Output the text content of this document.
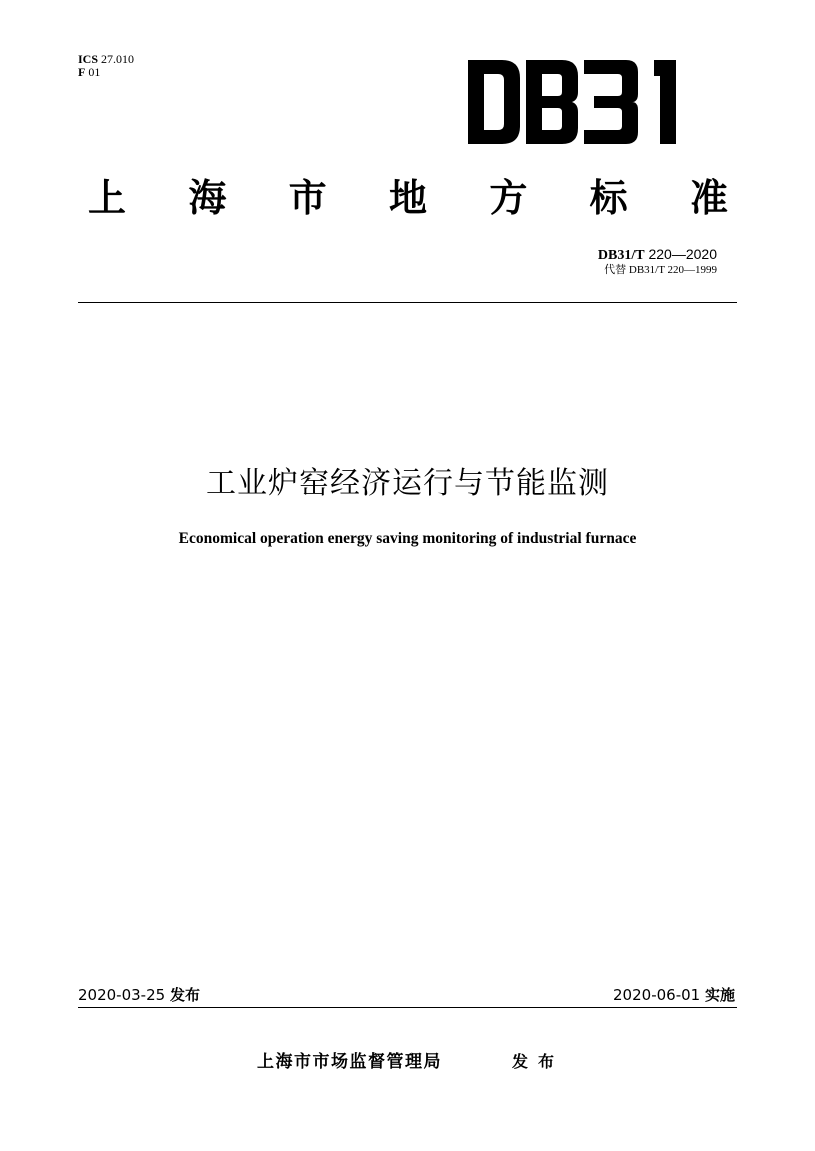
ICS 27.010
F 01
上 海 市 地 方 标 准
DB31/T 220—2020
代替 DB31/T 220—1999
工业炉窑经济运行与节能监测
Economical operation energy saving monitoring of industrial furnace
2020-03-25 发布	2020-06-01 实施
上海市市场监督管理局	发布
